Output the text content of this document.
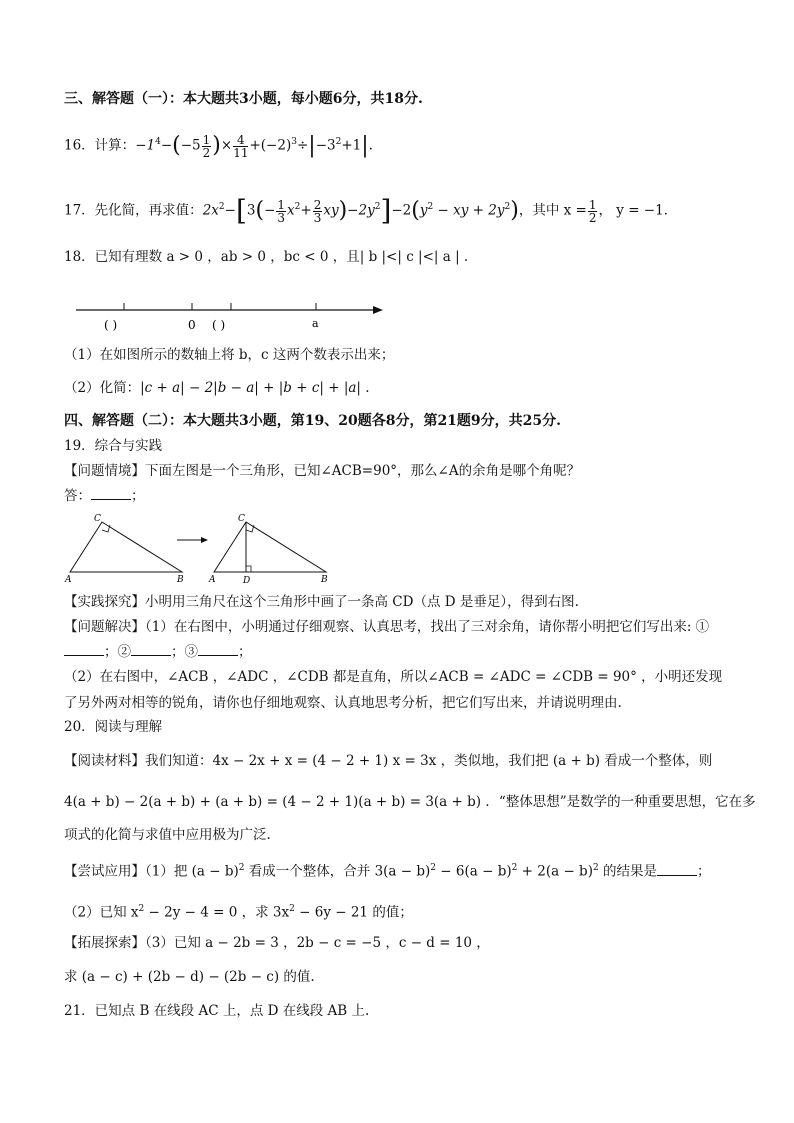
三、解答题（一）：本大题共3小题，每小题6分，共18分.
16．计算：$-1^4-(-5 \frac{1}{2}$ )× $\frac{4}{11} +(-2)^3\div|-3^2+1|$.
17．先化简，再求值：$2x^2-[3(- \frac{1}{3} x^2+ \frac{2}{3} xy)-2y^2]-2(y^2$ − xy + $2y^2$)，其中 $x = \frac{1}{2}$ ， y = −1．
18．已知有理数 a > 0 ，ab > 0 ，bc < 0 ，且| b |<| c |<| a | .
( )	0 ( )	a
（1）在如图所示的数轴上将 b，c 这两个数表示出来；
（2）化简：|c + a| − 2|b − a| + |b + c| + |a| .
四、解答题（二）：本大题共3小题，第19、20题各8分，第21题9分，共25分.
19．综合与实践
【问题情境】下面左图是一个三角形，已知∠ACB=90°，那么∠A的余角是哪个角呢？
答：	；
C
A	B
C
A	D	B
【实践探究】小明用三角尺在这个三角形中画了一条高 CD（点 D 是垂足），得到右图.
【问题解决】（1）在右图中，小明通过仔细观察、认真思考，找出了三对余角，请你帮小明把它们写出来: ①
；②	；③	；
（2）在右图中，∠ACB ，∠ADC ，∠CDB 都是直角，所以∠ACB = ∠ADC = ∠CDB = 90° ，小明还发现
了另外两对相等的锐角，请你也仔细地观察、认真地思考分析，把它们写出来，并请说明理由.
20．阅读与理解
【阅读材料】我们知道：4x − 2x + x = (4 − 2 + 1) x = 3x ，类似地，我们把 (a + b) 看成一个整体，则
4(a + b) − 2(a + b) + (a + b) = (4 − 2 + 1)(a + b) = 3(a + b) ．“整体思想”是数学的一种重要思想，它在多
项式的化简与求值中应用极为广泛.
【尝试应用】（1）把 $(a - b)^2$ 看成一个整体，合并 $3(a - b)^2 - 6(a - b)^2 + 2(a - b)^2$ 的结果是	；
（2）已知 $x^2 - 2y - 4 = 0$ ，求 $3x^2 - 6y - 21$ 的值；
【拓展探索】（3）已知 a − 2b = 3 ，2b − c = −5 ，c − d = 10 ，
求 (a − c) + (2b − d) − (2b − c) 的值.
21．已知点 B 在线段 AC 上，点 D 在线段 AB 上.
